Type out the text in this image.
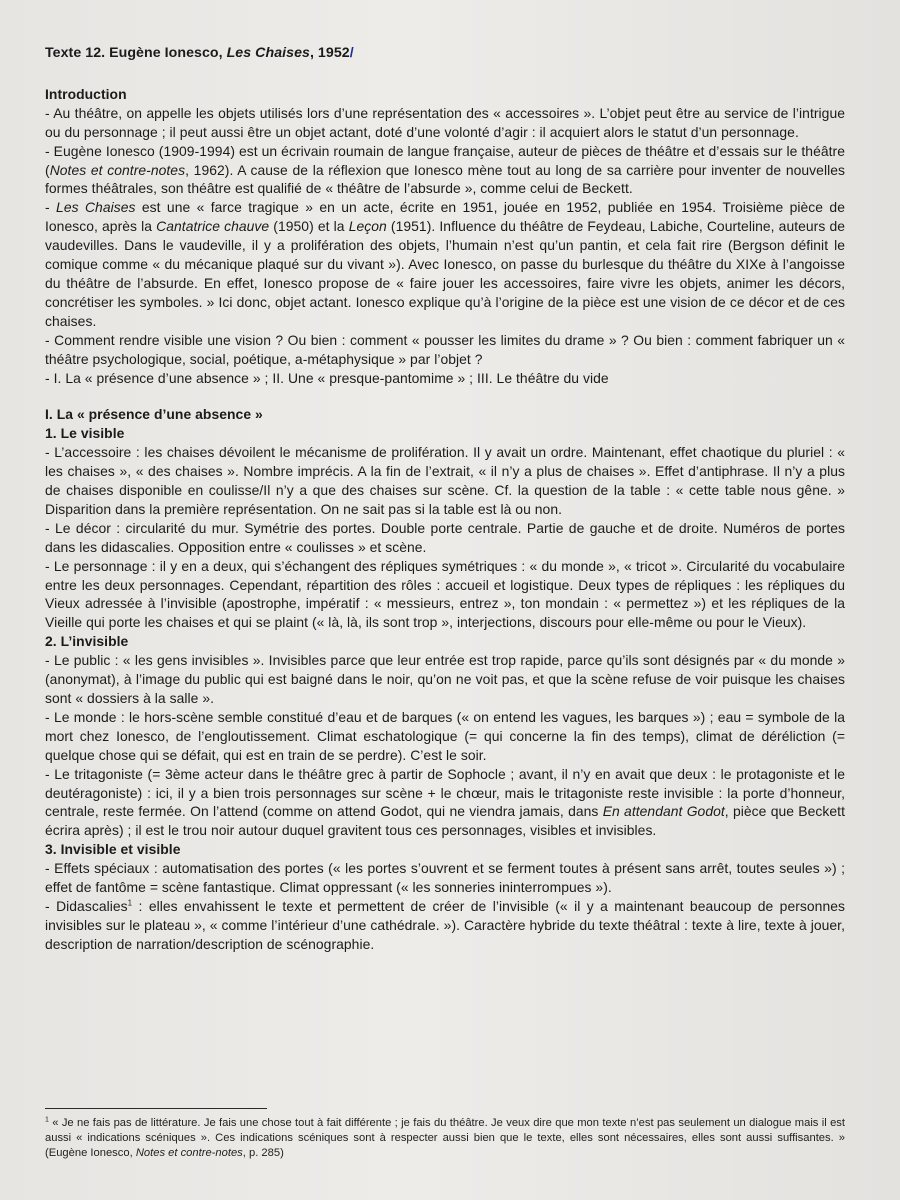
Texte 12. Eugène Ionesco, Les Chaises, 1952/
Introduction

- Au théâtre, on appelle les objets utilisés lors d’une représentation des « accessoires ». L’objet peut être au service de l’intrigue ou du personnage ; il peut aussi être un objet actant, doté d’une volonté d’agir : il acquiert alors le statut d’un personnage.

- Eugène Ionesco (1909-1994) est un écrivain roumain de langue française, auteur de pièces de théâtre et d’essais sur le théâtre (Notes et contre-notes, 1962). A cause de la réflexion que Ionesco mène tout au long de sa carrière pour inventer de nouvelles formes théâtrales, son théâtre est qualifié de « théâtre de l’absurde », comme celui de Beckett.

- Les Chaises est une « farce tragique » en un acte, écrite en 1951, jouée en 1952, publiée en 1954. Troisième pièce de Ionesco, après la Cantatrice chauve (1950) et la Leçon (1951). Influence du théâtre de Feydeau, Labiche, Courteline, auteurs de vaudevilles. Dans le vaudeville, il y a prolifération des objets, l’humain n’est qu’un pantin, et cela fait rire (Bergson définit le comique comme « du mécanique plaqué sur du vivant »). Avec Ionesco, on passe du burlesque du théâtre du XIXe à l’angoisse du théâtre de l’absurde. En effet, Ionesco propose de « faire jouer les accessoires, faire vivre les objets, animer les décors, concrétiser les symboles. » Ici donc, objet actant. Ionesco explique qu’à l’origine de la pièce est une vision de ce décor et de ces chaises.

- Comment rendre visible une vision ? Ou bien : comment « pousser les limites du drame » ? Ou bien : comment fabriquer un « théâtre psychologique, social, poétique, a-métaphysique » par l’objet ?

- I. La « présence d’une absence » ; II. Une « presque-pantomime » ; III. Le théâtre du vide

I. La « présence d’une absence »
1. Le visible

- L’accessoire : les chaises dévoilent le mécanisme de prolifération. Il y avait un ordre. Maintenant, effet chaotique du pluriel : « les chaises », « des chaises ». Nombre imprécis. A la fin de l’extrait, « il n’y a plus de chaises ». Effet d’antiphrase. Il n’y a plus de chaises disponible en coulisse/Il n’y a que des chaises sur scène. Cf. la question de la table : « cette table nous gêne. » Disparition dans la première représentation. On ne sait pas si la table est là ou non.

- Le décor : circularité du mur. Symétrie des portes. Double porte centrale. Partie de gauche et de droite. Numéros de portes dans les didascalies. Opposition entre « coulisses » et scène.

- Le personnage : il y en a deux, qui s’échangent des répliques symétriques : « du monde », « tricot ». Circularité du vocabulaire entre les deux personnages. Cependant, répartition des rôles : accueil et logistique. Deux types de répliques : les répliques du Vieux adressée à l’invisible (apostrophe, impératif : « messieurs, entrez », ton mondain : « permettez ») et les répliques de la Vieille qui porte les chaises et qui se plaint (« là, là, ils sont trop », interjections, discours pour elle-même ou pour le Vieux).

2. L’invisible

- Le public : « les gens invisibles ». Invisibles parce que leur entrée est trop rapide, parce qu’ils sont désignés par « du monde » (anonymat), à l’image du public qui est baigné dans le noir, qu’on ne voit pas, et que la scène refuse de voir puisque les chaises sont « dossiers à la salle ».

- Le monde : le hors-scène semble constitué d’eau et de barques (« on entend les vagues, les barques ») ; eau = symbole de la mort chez Ionesco, de l’engloutissement. Climat eschatologique (= qui concerne la fin des temps), climat de déréliction (= quelque chose qui se défait, qui est en train de se perdre). C’est le soir.

- Le tritagoniste (= 3ème acteur dans le théâtre grec à partir de Sophocle ; avant, il n’y en avait que deux : le protagoniste et le deutéragoniste) : ici, il y a bien trois personnages sur scène + le chœur, mais le tritagoniste reste invisible : la porte d’honneur, centrale, reste fermée. On l’attend (comme on attend Godot, qui ne viendra jamais, dans En attendant Godot, pièce que Beckett écrira après) ; il est le trou noir autour duquel gravitent tous ces personnages, visibles et invisibles.

3. Invisible et visible

- Effets spéciaux : automatisation des portes (« les portes s’ouvrent et se ferment toutes à présent sans arrêt, toutes seules ») ; effet de fantôme = scène fantastique. Climat oppressant (« les sonneries ininterrompues »).

- Didascalies$^1$ : elles envahissent le texte et permettent de créer de l’invisible (« il y a maintenant beaucoup de personnes invisibles sur le plateau », « comme l’intérieur d’une cathédrale. »). Caractère hybride du texte théâtral : texte à lire, texte à jouer, description de narration/description de scénographie.

$^1$ « Je ne fais pas de littérature. Je fais une chose tout à fait différente ; je fais du théâtre. Je veux dire que mon texte n’est pas seulement un dialogue mais il est aussi « indications scéniques ». Ces indications scéniques sont à respecter aussi bien que le texte, elles sont nécessaires, elles sont aussi suffisantes. » (Eugène Ionesco, Notes et contre-notes, p. 285)
